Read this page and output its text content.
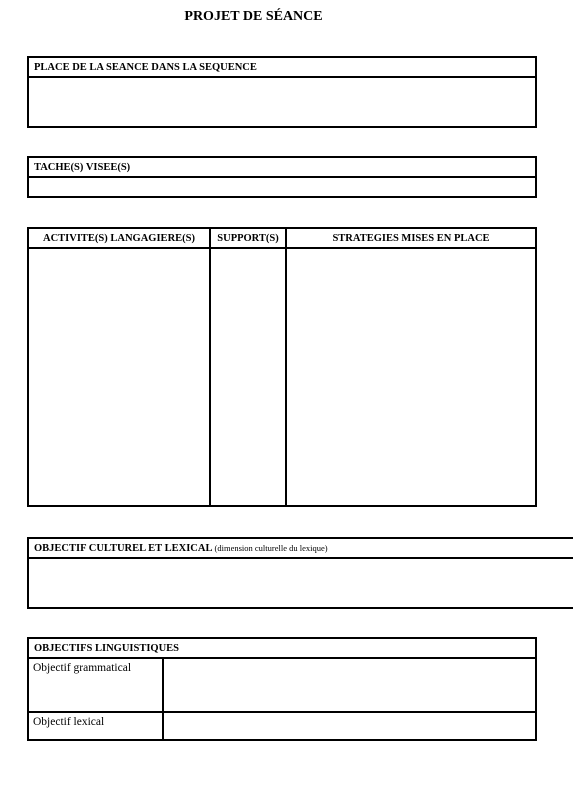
PROJET DE SÉANCE
PLACE DE LA SEANCE DANS LA SEQUENCE
TACHE(S) VISEE(S)
ACTIVITE(S) LANGAGIERE(S)	SUPPORT(S)	STRATEGIES MISES EN PLACE
OBJECTIF CULTUREL ET LEXICAL (dimension culturelle du lexique)
OBJECTIFS LINGUISTIQUES
Objectif grammatical
Objectif lexical
